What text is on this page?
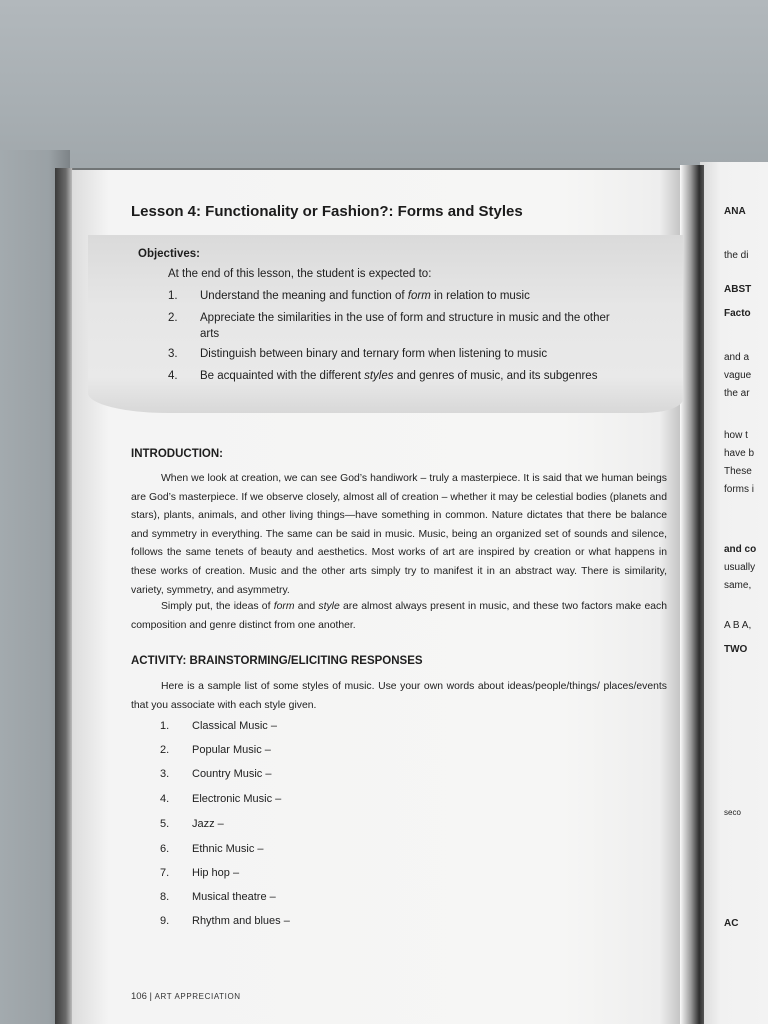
ANA
the di
ABST
Facto
and a
vague
the ar
how t
have b
These
forms i
and co
usually
same,
A B A,
TWO
seco
AC
Lesson 4: Functionality or Fashion?: Forms and Styles
Objectives:
At the end of this lesson, the student is expected to:
1. Understand the meaning and function of form in relation to music
2. Appreciate the similarities in the use of form and structure in music and the other
arts
3. Distinguish between binary and ternary form when listening to music
4. Be acquainted with the different styles and genres of music, and its subgenres
INTRODUCTION:
When we look at creation, we can see God’s handiwork – truly a masterpiece. It is said that we human beings are God’s masterpiece. If we observe closely, almost all of creation – whether it may be celestial bodies (planets and stars), plants, animals, and other living things—have something in common. Nature dictates that there be balance and symmetry in everything. The same can be said in music. Music, being an organized set of sounds and silence, follows the same tenets of beauty and aesthetics. Most works of art are inspired by creation or what happens in these works of creation. Music and the other arts simply try to manifest it in an abstract way. There is similarity, variety, symmetry, and asymmetry.
Simply put, the ideas of form and style are almost always present in music, and these two factors make each composition and genre distinct from one another.
ACTIVITY: BRAINSTORMING/ELICITING RESPONSES
Here is a sample list of some styles of music. Use your own words about ideas/people/things/ places/events that you associate with each style given.
1. Classical Music –
2. Popular Music –
3. Country Music –
4. Electronic Music –
5. Jazz –
6. Ethnic Music –
7. Hip hop –
8. Musical theatre –
9. Rhythm and blues –
106 | ART APPRECIATION
